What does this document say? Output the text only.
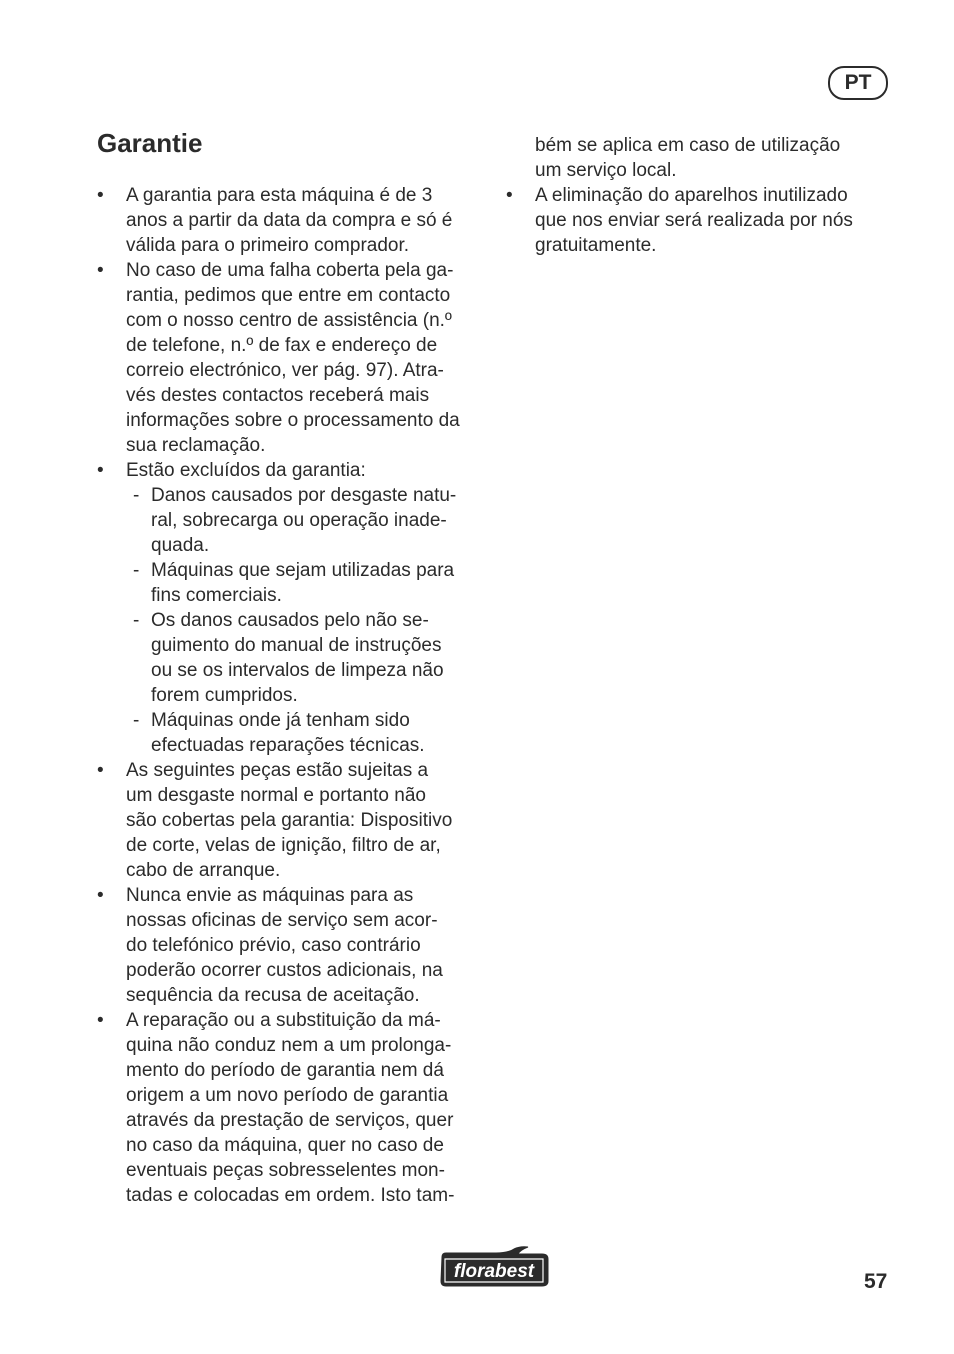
PT
Garantie
• A garantia para esta máquina é de 3
anos a partir da data da compra e só é
válida para o primeiro comprador.
• No caso de uma falha coberta pela ga-
rantia, pedimos que entre em contacto
com o nosso centro de assistência (n.º
de telefone, n.º de fax e endereço de
correio electrónico, ver pág. 97). Atra-
vés destes contactos receberá mais
informações sobre o processamento da
sua reclamação.
• Estão excluídos da garantia:
- Danos causados por desgaste natu-
ral, sobrecarga ou operação inade-
quada.
- Máquinas que sejam utilizadas para
fins comerciais.
- Os danos causados pelo não se-
guimento do manual de instruções
ou se os intervalos de limpeza não
forem cumpridos.
- Máquinas onde já tenham sido
efectuadas reparações técnicas.
• As seguintes peças estão sujeitas a
um desgaste normal e portanto não
são cobertas pela garantia: Dispositivo
de corte, velas de ignição, filtro de ar,
cabo de arranque.
• Nunca envie as máquinas para as
nossas oficinas de serviço sem acor-
do telefónico prévio, caso contrário
poderão ocorrer custos adicionais, na
sequência da recusa de aceitação.
• A reparação ou a substituição da má-
quina não conduz nem a um prolonga-
mento do período de garantia nem dá
origem a um novo período de garantia
através da prestação de serviços, quer
no caso da máquina, quer no caso de
eventuais peças sobresselentes mon-
tadas e colocadas em ordem. Isto tam-
bém se aplica em caso de utilização
um serviço local.
• A eliminação do aparelhos inutilizado
que nos enviar será realizada por nós
gratuitamente.
florabest	57
